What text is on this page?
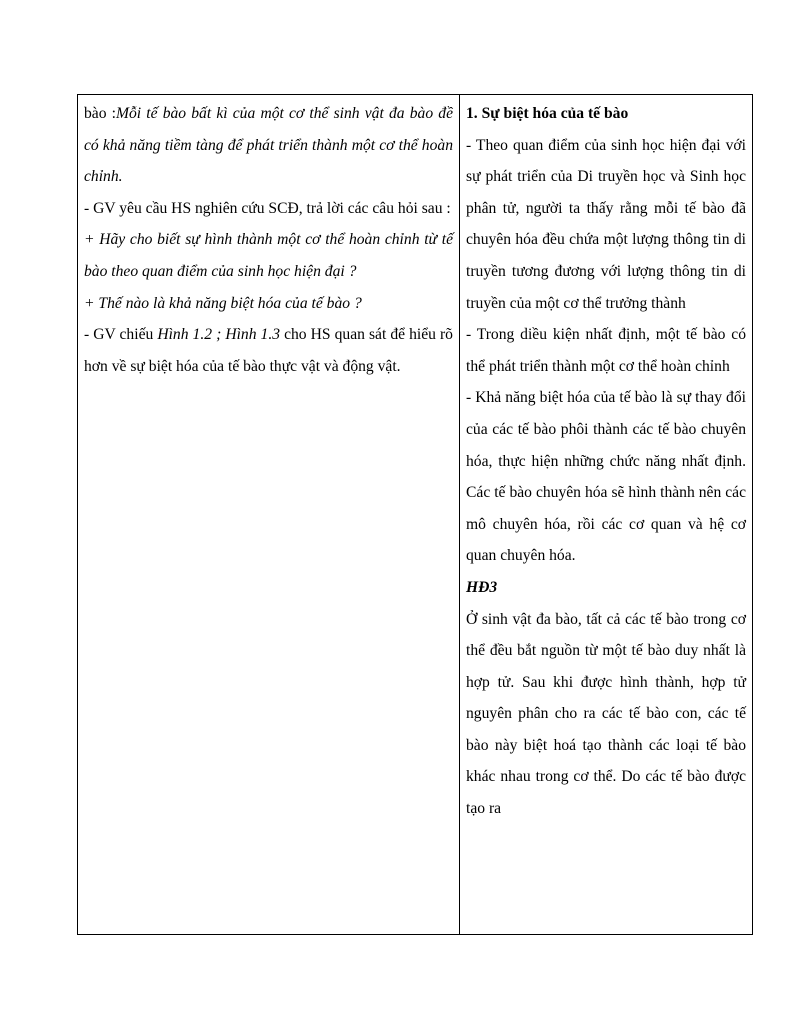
bào :Mỗi tế bào bất kì của một cơ thể sinh vật đa bào đề có khả năng tiềm tàng để phát triển thành một cơ thể hoàn chỉnh.

- GV yêu cầu HS nghiên cứu SCĐ, trả lời các câu hỏi sau :

+ Hãy cho biết sự hình thành một cơ thể hoàn chỉnh từ tế bào theo quan điểm của sinh học hiện đại ?

+ Thế nào là khả năng biệt hóa của tế bào ?

- GV chiếu Hình 1.2 ; Hình 1.3 cho HS quan sát để hiểu rõ hơn về sự biệt hóa của tế bào thực vật và động vật.

1. Sự biệt hóa của tế bào

- Theo quan điểm của sinh học hiện đại với sự phát triển của Di truyền học và Sinh học phân tử, người ta thấy rằng mỗi tế bào đã chuyên hóa đều chứa một lượng thông tin di truyền tương đương với lượng thông tin di truyền của một cơ thể trưởng thành

- Trong diều kiện nhất định, một tế bào có thể phát triển thành một cơ thể hoàn chỉnh

- Khả năng biệt hóa của tế bào là sự thay đổi của các tế bào phôi thành các tế bào chuyên hóa, thực hiện những chức năng nhất định. Các tế bào chuyên hóa sẽ hình thành nên các mô chuyên hóa, rồi các cơ quan và hệ cơ quan chuyên hóa.

HĐ3

Ở sinh vật đa bào, tất cả các tế bào trong cơ thể đều bắt nguồn từ một tế bào duy nhất là hợp tử. Sau khi được hình thành, hợp tử nguyên phân cho ra các tế bào con, các tế bào này biệt hoá tạo thành các loại tế bào khác nhau trong cơ thể. Do các tế bào được tạo ra
